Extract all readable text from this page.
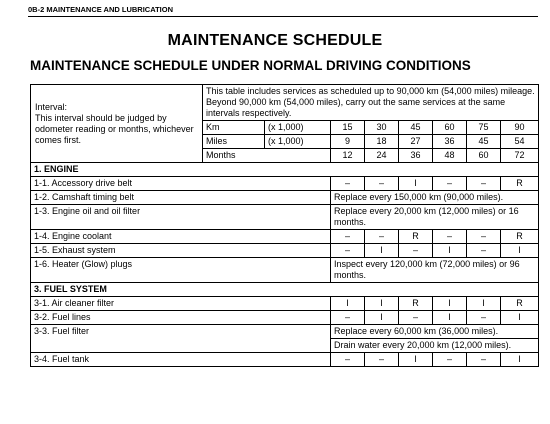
0B-2 MAINTENANCE AND LUBRICATION
MAINTENANCE SCHEDULE
MAINTENANCE SCHEDULE UNDER NORMAL DRIVING CONDITIONS
Interval:
This interval should be judged by odometer reading or months, whichever comes first.	This table includes services as scheduled up to 90,000 km (54,000 miles) mileage. Beyond 90,000 km (54,000 miles), carry out the same services at the same intervals respectively.							
	Km	(x 1,000)	15	30	45	60	75	90
	Miles	(x 1,000)	9	18	27	36	45	54
	Months		12	24	36	48	60	72
1. ENGINE								
1-1. Accessory drive belt			–	–	I	–	–	R
1-2. Camshaft timing belt			Replace every 150,000 km (90,000 miles).					
1-3. Engine oil and oil filter			Replace every 20,000 km (12,000 miles) or 16 months.					
1-4. Engine coolant			–	–	R	–	–	R
1-5. Exhaust system			–	I	–	I	–	I
1-6. Heater (Glow) plugs			Inspect every 120,000 km (72,000 miles) or 96 months.					
3. FUEL SYSTEM								
3-1. Air cleaner filter			I	I	R	I	I	R
3-2. Fuel lines			–	I	–	I	–	I
3-3. Fuel filter			Replace every 60,000 km (36,000 miles).					
			Drain water every 20,000 km (12,000 miles).					
3-4. Fuel tank			–	–	I	–	–	I
